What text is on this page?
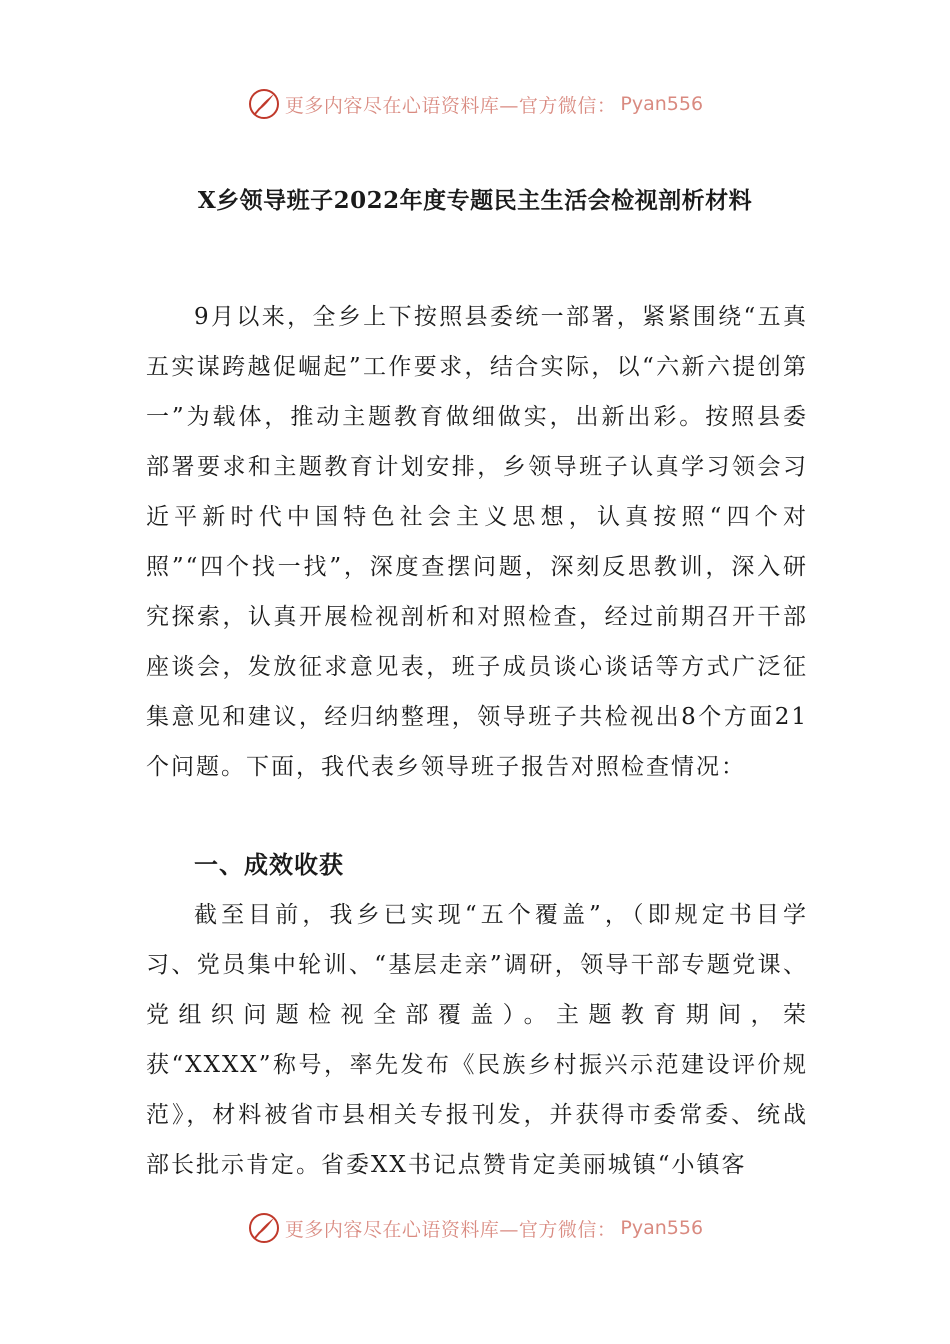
更多内容尽在心语资料库—官方微信： Pyan556
X乡领导班子2022年度专题民主生活会检视剖析材料

9月以来，全乡上下按照县委统一部署，紧紧围绕“五真五实谋跨越促崛起”工作要求，结合实际，以“六新六提创第一”为载体，推动主题教育做细做实，出新出彩。按照县委部署要求和主题教育计划安排，乡领导班子认真学习领会习近平新时代中国特色社会主义思想，认真按照“四个对照”“四个找一找”，深度查摆问题，深刻反思教训，深入研究探索，认真开展检视剖析和对照检查，经过前期召开干部座谈会，发放征求意见表，班子成员谈心谈话等方式广泛征集意见和建议，经归纳整理，领导班子共检视出8个方面21个问题。下面，我代表乡领导班子报告对照检查情况：

一、成效收获

截至目前，我乡已实现“五个覆盖”，（即规定书目学习、党员集中轮训、“基层走亲”调研，领导干部专题党课、党组织问题检视全部覆盖）。主题教育期间，荣获“XXXX”称号，率先发布《民族乡村振兴示范建设评价规范》，材料被省市县相关专报刊发，并获得市委常委、统战部长批示肯定。省委XX书记点赞肯定美丽城镇“小镇客

更多内容尽在心语资料库—官方微信： Pyan556
